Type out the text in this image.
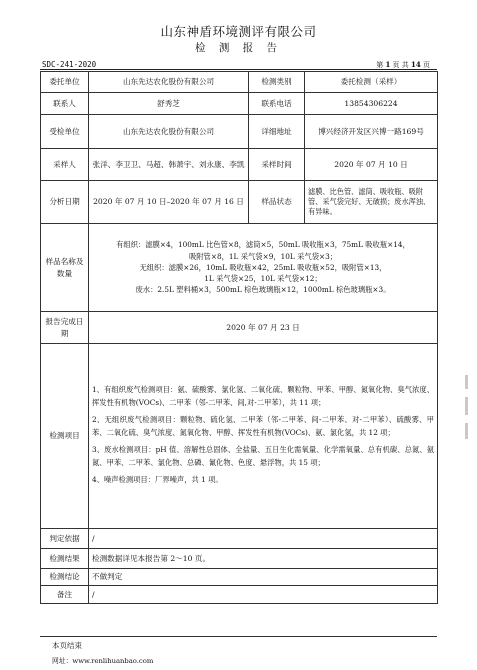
山东神盾环境测评有限公司
检 测 报 告
SDC-241-2020	第 1 页 共 14 页
委托单位	山东先达农化股份有限公司	检测类别	委托检测（采样）
联系人	舒秀芝	联系电话	13854306224
受检单位	山东先达农化股份有限公司	详细地址	博兴经济开发区兴博一路169号
采样人	张洋、李卫卫、马超、韩萧宇、刘永康、李凯	采样时间	2020 年 07 月 10 日
分析日期	2020 年 07 月 10 日–2020 年 07 月 16 日	样品状态	滤膜、比色管、滤筒、吸收瓶、吸附管、采气袋完好、无破损；废水浑浊、有异味。
样品名称及数量	有组织：滤膜×4，100mL 比色管×8，滤筒×5，50mL 吸收瓶×3，75mL 吸收瓶×14，
吸附管×8，1L 采气袋×9，10L 采气袋×3；
无组织：滤膜×26，10mL 吸收瓶×42，25mL 吸收瓶×52，吸附管×13，
1L 采气袋×25，10L 采气袋×12；
废水：2.5L 塑料桶×3，500mL 棕色玻璃瓶×12，1000mL 棕色玻璃瓶×3。		

报告完成日期	2020 年 07 月 23 日		
检测项目	1、有组织废气检测项目：氨、硫酸雾、氯化氢、二氧化硫、颗粒物、甲苯、甲醇、氮氧化物、臭气浓度、挥发性有机物(VOCs)、二甲苯（邻-二甲苯、间,对-二甲苯），共 11 项；

2、无组织废气检测项目：颗粒物、硫化氢、二甲苯（邻-二甲苯、间-二甲苯、对-二甲苯）、硫酸雾、甲苯、二氧化硫、臭气浓度、氮氧化物、甲醇、挥发性有机物(VOCs)、氨、氯化氢，共 12 项；

3、废水检测项目：pH 值、溶解性总固体、全盐量、五日生化需氧量、化学需氧量、总有机碳、总氮、氨氮、甲苯、二甲苯、氯化物、总磷、氰化物、色度、悬浮物，共 15 项；

4、噪声检测项目：厂界噪声，共 1 项。		

判定依据	/		
检测结果	检测数据详见本报告第 2～10 页。		
检测结论	不做判定		
备注	/		
本页结束
网址：www.renlihuanbao.com
